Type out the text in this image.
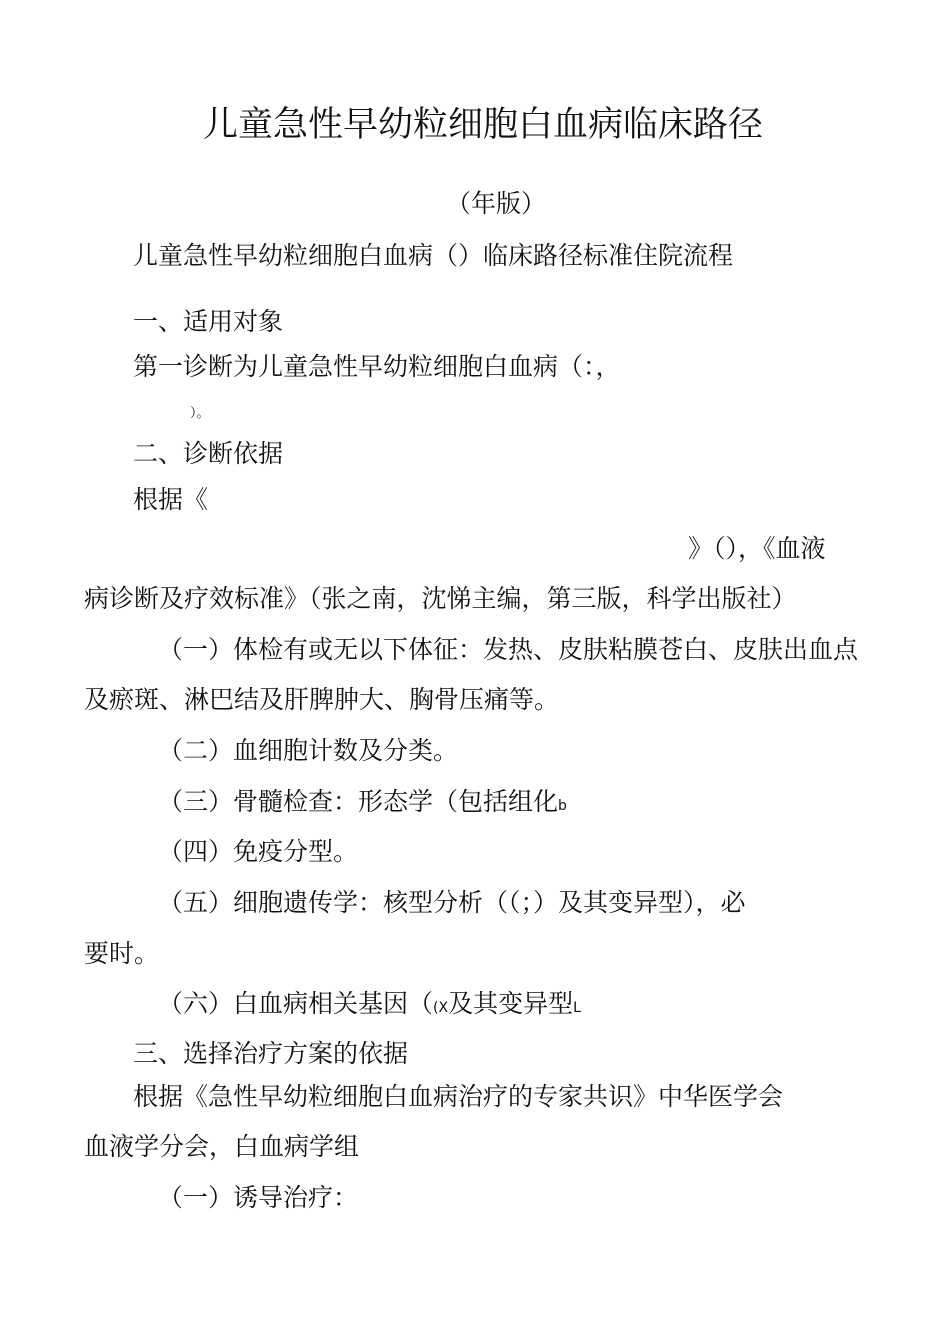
儿童急性早幼粒细胞白血病临床路径
（年版）
儿童急性早幼粒细胞白血病（）临床路径标准住院流程
一、适用对象
第一诊断为儿童急性早幼粒细胞白血病（：，
）。
二、诊断依据
根据《
》（），《血液
病诊断及疗效标准》（张之南，沈悌主编，第三版，科学出版社）
（一）体检有或无以下体征：发热、皮肤粘膜苍白、皮肤出血点
及瘀斑、淋巴结及肝脾肿大、胸骨压痛等。
（二）血细胞计数及分类。
（三）骨髓检查：形态学（包括组化b
（四）免疫分型。
（五）细胞遗传学：核型分析（（；）及其变异型），必
要时。
（六）白血病相关基因（(X及其变异型L
三、选择治疗方案的依据
根据《急性早幼粒细胞白血病治疗的专家共识》中华医学会
血液学分会，白血病学组
（一）诱导治疗：
